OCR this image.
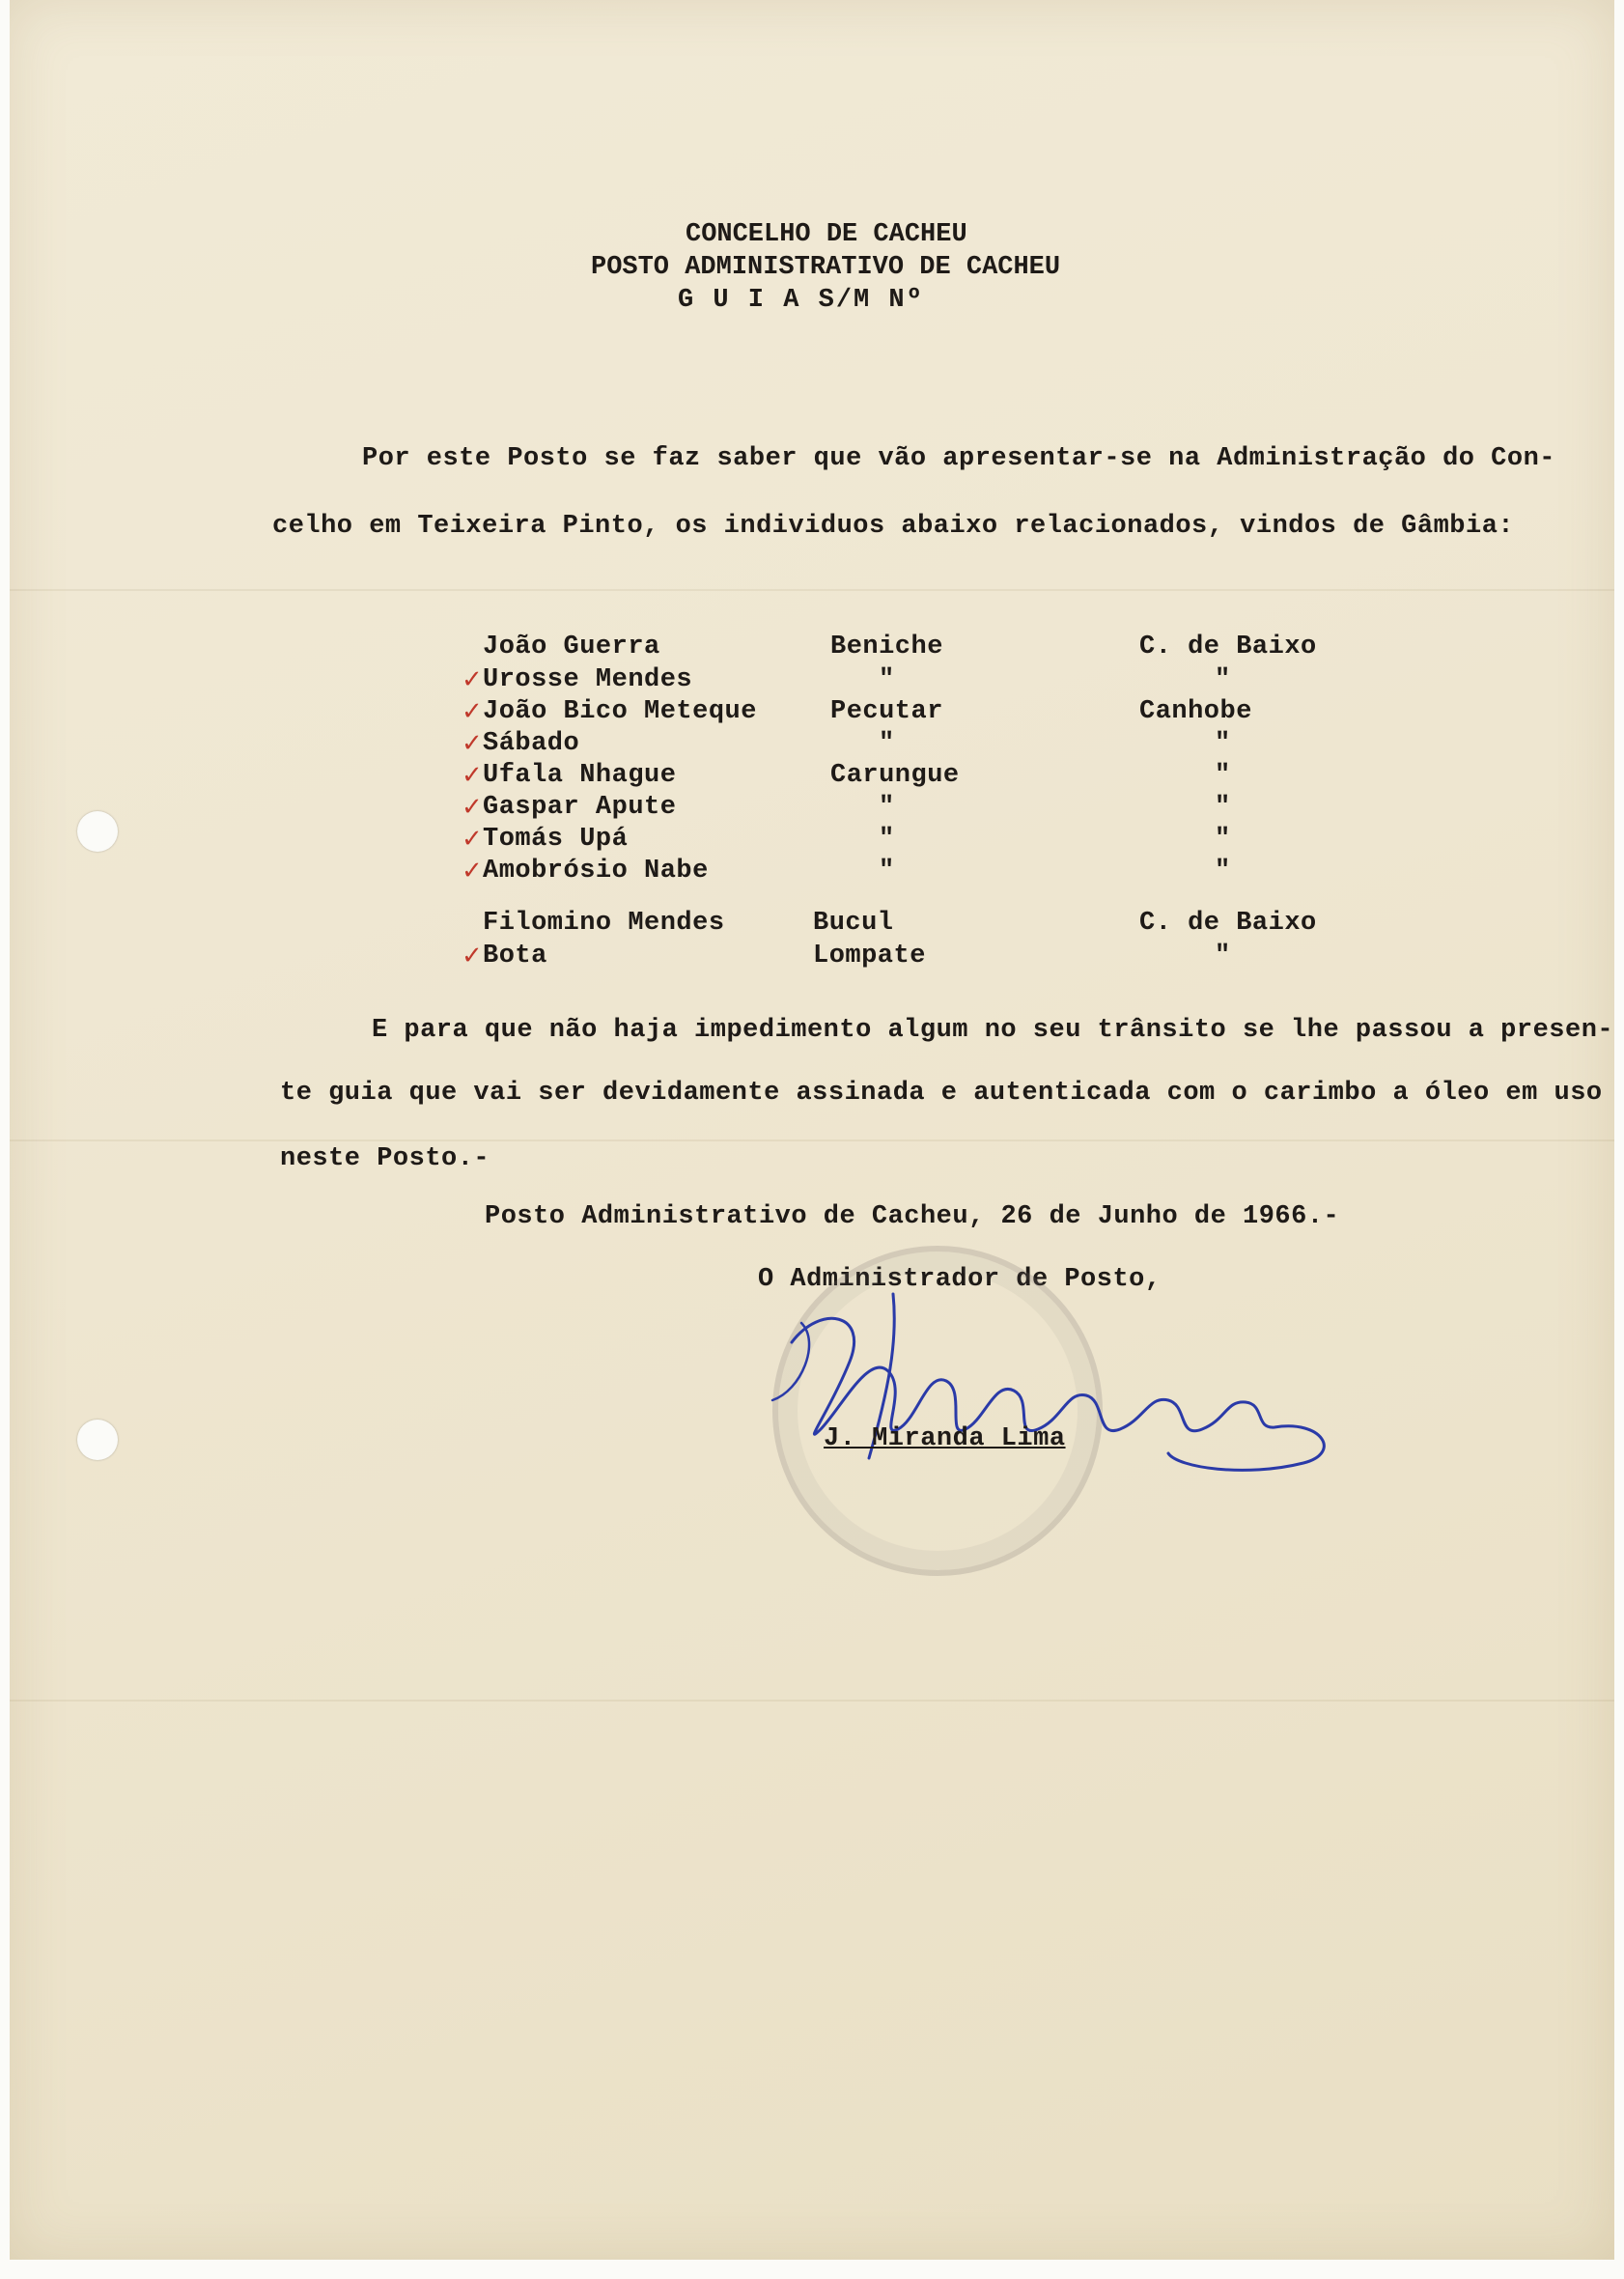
CONCELHO DE CACHEU
POSTO ADMINISTRATIVO DE CACHEU
G U I A S/M Nº
Por este Posto se faz saber que vão apresentar-se na Administração do Con-
celho em Teixeira Pinto, os individuos abaixo relacionados, vindos de Gâmbia:
João Guerra	Beniche	C. de Baixo
✓ Urosse Mendes	"	"
✓ João Bico Meteque	Pecutar	Canhobe
✓ Sábado	"	"
✓ Ufala Nhague	Carungue	"
✓ Gaspar Apute	"	"
✓ Tomás Upá	"	"
✓ Amobrósio Nabe	"	"
Filomino Mendes	Bucul	C. de Baixo
✓ Bota	Lompate	"
E para que não haja impedimento algum no seu trânsito se lhe passou a presen-
te guia que vai ser devidamente assinada e autenticada com o carimbo a óleo em uso
neste Posto.-
Posto Administrativo de Cacheu, 26 de Junho de 1966.-
O Administrador de Posto,
J. Miranda Lima
